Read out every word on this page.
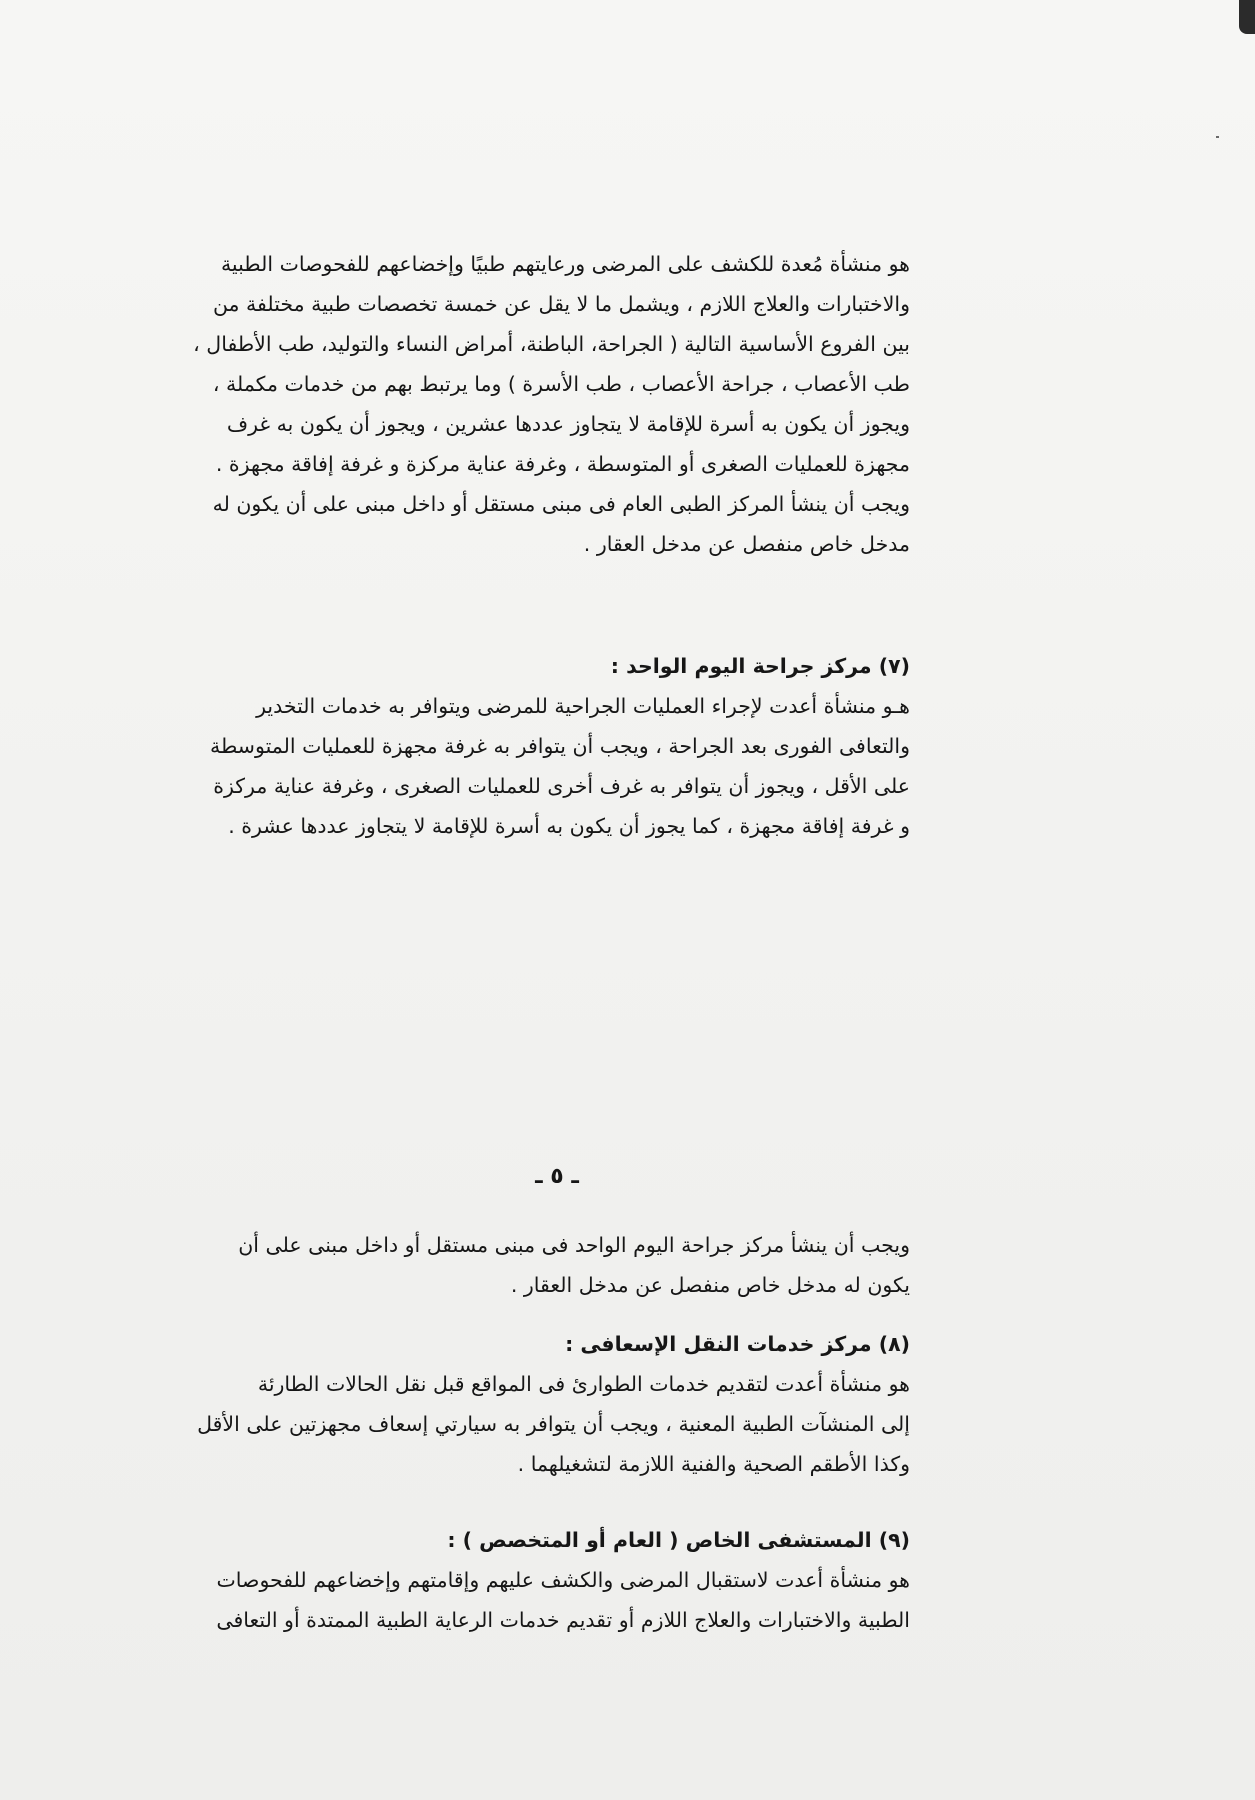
هو منشأة مُعدة للكشف على المرضى ورعايتهم طبيًا وإخضاعهم للفحوصات الطبية
والاختبارات والعلاج اللازم ، ويشمل ما لا يقل عن خمسة تخصصات طبية مختلفة من
بين الفروع الأساسية التالية ( الجراحة، الباطنة، أمراض النساء والتوليد، طب الأطفال ،
طب الأعصاب ، جراحة الأعصاب ، طب الأسرة ) وما يرتبط بهم من خدمات مكملة ،
ويجوز أن يكون به أسرة للإقامة لا يتجاوز عددها عشرين ، ويجوز أن يكون به غرف
مجهزة للعمليات الصغرى أو المتوسطة ، وغرفة عناية مركزة و غرفة إفاقة مجهزة .
ويجب أن ينشأ المركز الطبى العام فى مبنى مستقل أو داخل مبنى على أن يكون له
مدخل خاص منفصل عن مدخل العقار .
(٧) مركز جراحة اليوم الواحد :
هـو منشأة أعدت لإجراء العمليات الجراحية للمرضى ويتوافر به خدمات التخدير
والتعافى الفورى بعد الجراحة ، ويجب أن يتوافر به غرفة مجهزة للعمليات المتوسطة
على الأقل ، ويجوز أن يتوافر به غرف أخرى للعمليات الصغرى ، وغرفة عناية مركزة
و غرفة إفاقة مجهزة ، كما يجوز أن يكون به أسرة للإقامة لا يتجاوز عددها عشرة .
ـ ٥ ـ
ويجب أن ينشأ مركز جراحة اليوم الواحد فى مبنى مستقل أو داخل مبنى على أن
يكون له مدخل خاص منفصل عن مدخل العقار .
(٨) مركز خدمات النقل الإسعافى :
هو منشأة أعدت لتقديم خدمات الطوارئ فى المواقع قبل نقل الحالات الطارئة
إلى المنشآت الطبية المعنية ، ويجب أن يتوافر به سيارتي إسعاف مجهزتين على الأقل
وكذا الأطقم الصحية والفنية اللازمة لتشغيلهما .
(٩) المستشفى الخاص ( العام أو المتخصص ) :
هو منشأة أعدت لاستقبال المرضى والكشف عليهم وإقامتهم وإخضاعهم للفحوصات
الطبية والاختبارات والعلاج اللازم أو تقديم خدمات الرعاية الطبية الممتدة أو التعافى
